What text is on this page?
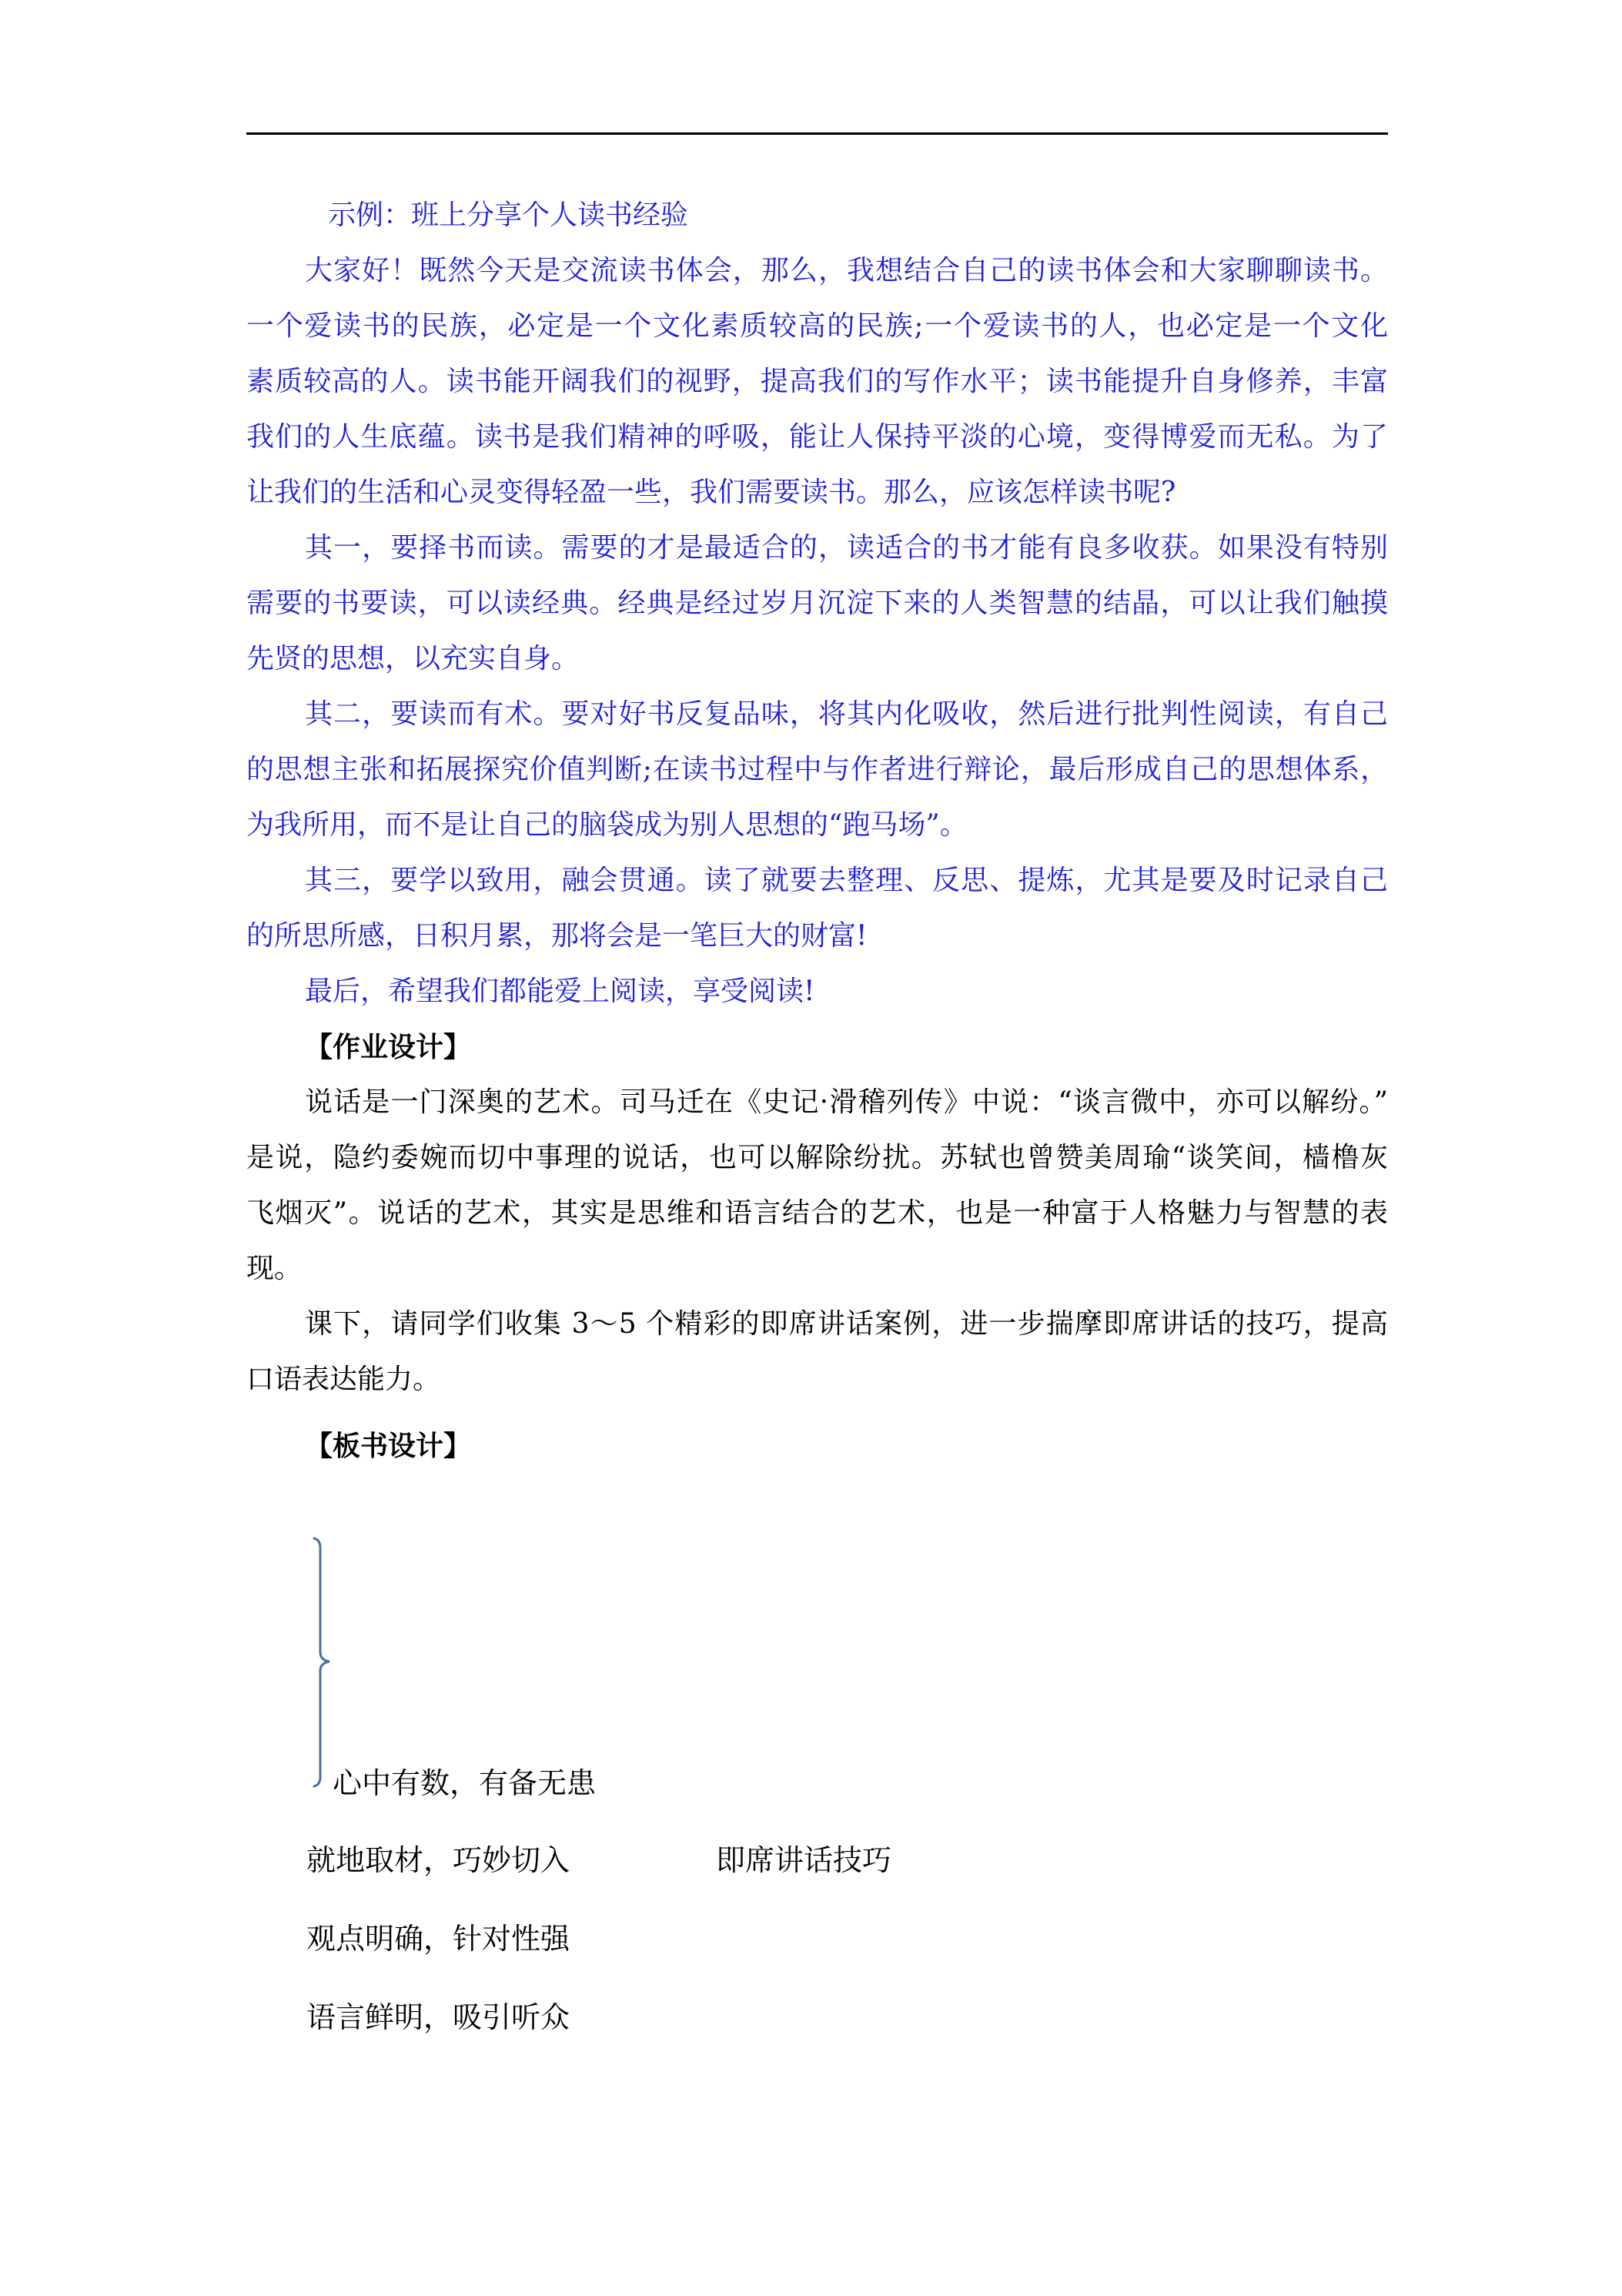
示例：班上分享个人读书经验
大家好！既然今天是交流读书体会，那么，我想结合自己的读书体会和大家聊聊读书。
一个爱读书的民族，必定是一个文化素质较高的民族;一个爱读书的人，也必定是一个文化
素质较高的人。读书能开阔我们的视野，提高我们的写作水平；读书能提升自身修养，丰富
我们的人生底蕴。读书是我们精神的呼吸，能让人保持平淡的心境，变得博爱而无私。为了
让我们的生活和心灵变得轻盈一些，我们需要读书。那么，应该怎样读书呢?
其一，要择书而读。需要的才是最适合的，读适合的书才能有良多收获。如果没有特别
需要的书要读，可以读经典。经典是经过岁月沉淀下来的人类智慧的结晶，可以让我们触摸
先贤的思想，以充实自身。
其二，要读而有术。要对好书反复品味，将其内化吸收，然后进行批判性阅读，有自己
的思想主张和拓展探究价值判断;在读书过程中与作者进行辩论，最后形成自己的思想体系，
为我所用，而不是让自己的脑袋成为别人思想的“跑马场”。
其三，要学以致用，融会贯通。读了就要去整理、反思、提炼，尤其是要及时记录自己
的所思所感，日积月累，那将会是一笔巨大的财富!
最后，希望我们都能爱上阅读，享受阅读!
【作业设计】
说话是一门深奥的艺术。司马迁在《史记·滑稽列传》中说：“谈言微中，亦可以解纷。”
是说，隐约委婉而切中事理的说话，也可以解除纷扰。苏轼也曾赞美周瑜“谈笑间，樯橹灰
飞烟灭”。说话的艺术，其实是思维和语言结合的艺术，也是一种富于人格魅力与智慧的表
现。
课下，请同学们收集 3～5 个精彩的即席讲话案例，进一步揣摩即席讲话的技巧，提高
口语表达能力。
【板书设计】
心中有数，有备无患
就地取材，巧妙切入	即席讲话技巧
观点明确，针对性强
语言鲜明，吸引听众
